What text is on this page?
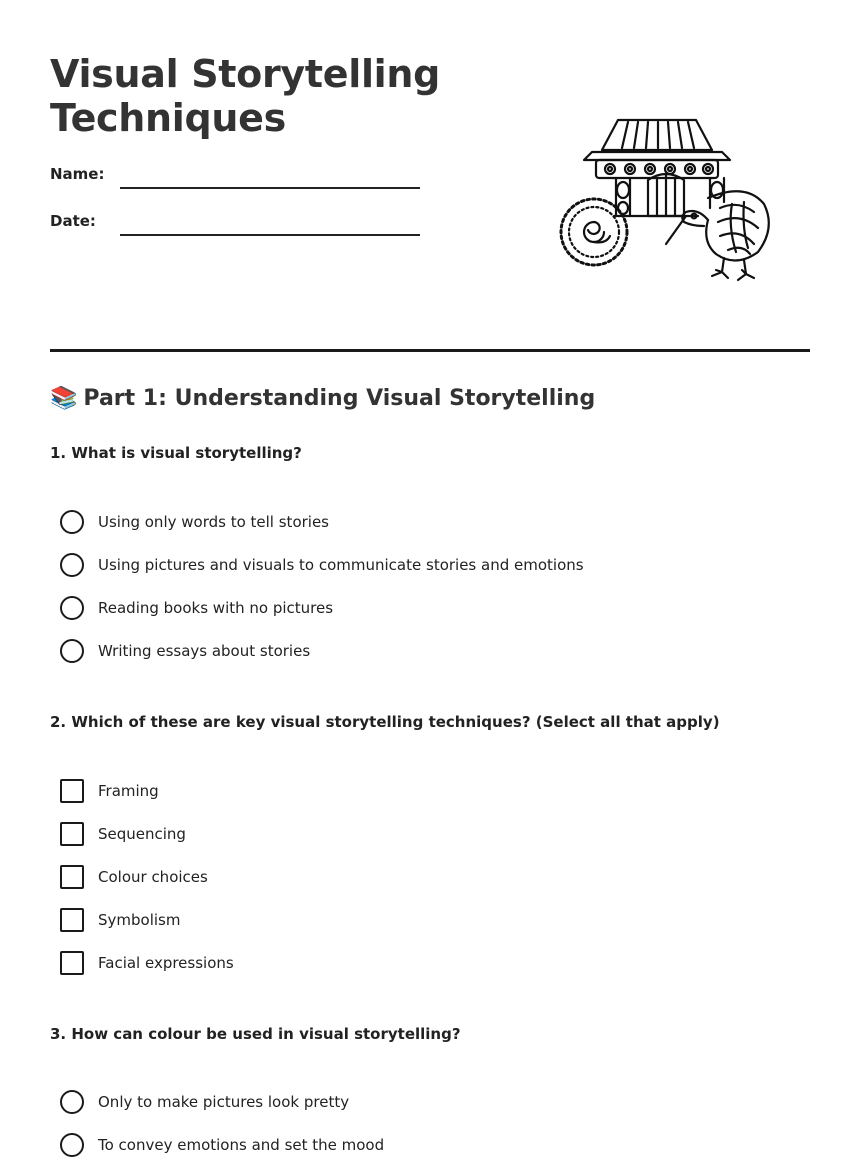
Visual Storytelling
Techniques
Name:
Date:
📚 Part 1: Understanding Visual Storytelling

1. What is visual storytelling?

Using only words to tell stories
Using pictures and visuals to communicate stories and emotions
Reading books with no pictures
Writing essays about stories

2. Which of these are key visual storytelling techniques? (Select all that apply)

Framing
Sequencing
Colour choices
Symbolism
Facial expressions

3. How can colour be used in visual storytelling?

Only to make pictures look pretty
To convey emotions and set the mood
